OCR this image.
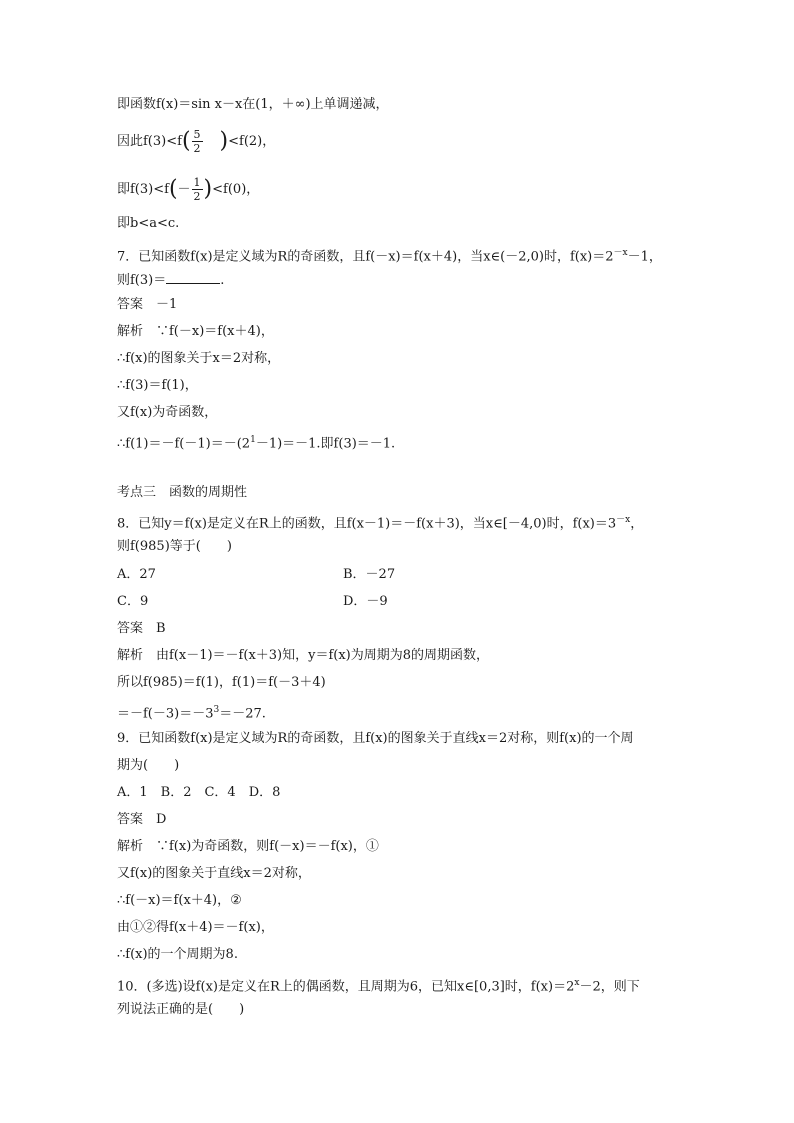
即函数f(x)＝sin x－x在(1，＋∞)上单调递减，
因此$f(3)<f( \frac{5}{2} )<f(2)$，
即$f(3)<f(- \frac{1}{2} )<f(0)$，
即b<a<c.
7．已知函数f(x)是定义域为R的奇函数，且f(－x)＝f(x＋4)，当x∈(－2,0)时，$f(x)=2^{-x}-1$，
则f(3)＝	.
答案　－1
解析　∵f(－x)＝f(x＋4)，
∴f(x)的图象关于x＝2对称，
∴f(3)＝f(1)，
又f(x)为奇函数，
$\therefore f(1)=-f(-1)=-(2^1-1)=-1$.即f(3)＝－1.
考点三　函数的周期性
8．已知y＝f(x)是定义在R上的函数，且f(x－1)＝－f(x＋3)，当x∈[－4,0)时，$f(x)=3^{-x}$，
则f(985)等于(　　)
A．27	B．－27
C．9	D．－9
答案　B
解析　由f(x－1)＝－f(x＋3)知，y＝f(x)为周期为8的周期函数，
所以f(985)＝f(1)，f(1)＝f(－3＋4)
$=-f(-3)=-3^3=-27$.
9．已知函数f(x)是定义域为R的奇函数，且f(x)的图象关于直线x＝2对称，则f(x)的一个周
期为(　　)
A．1　B．2　C．4　D．8
答案　D
解析　∵f(x)为奇函数，则f(－x)＝－f(x)，①
又f(x)的图象关于直线x＝2对称，
∴f(－x)＝f(x＋4)，②
由①②得f(x＋4)＝－f(x)，
∴f(x)的一个周期为8.
10．(多选)设f(x)是定义在R上的偶函数，且周期为6，已知x∈[0,3]时，$f(x)=2^x-2$，则下
列说法正确的是(　　)
